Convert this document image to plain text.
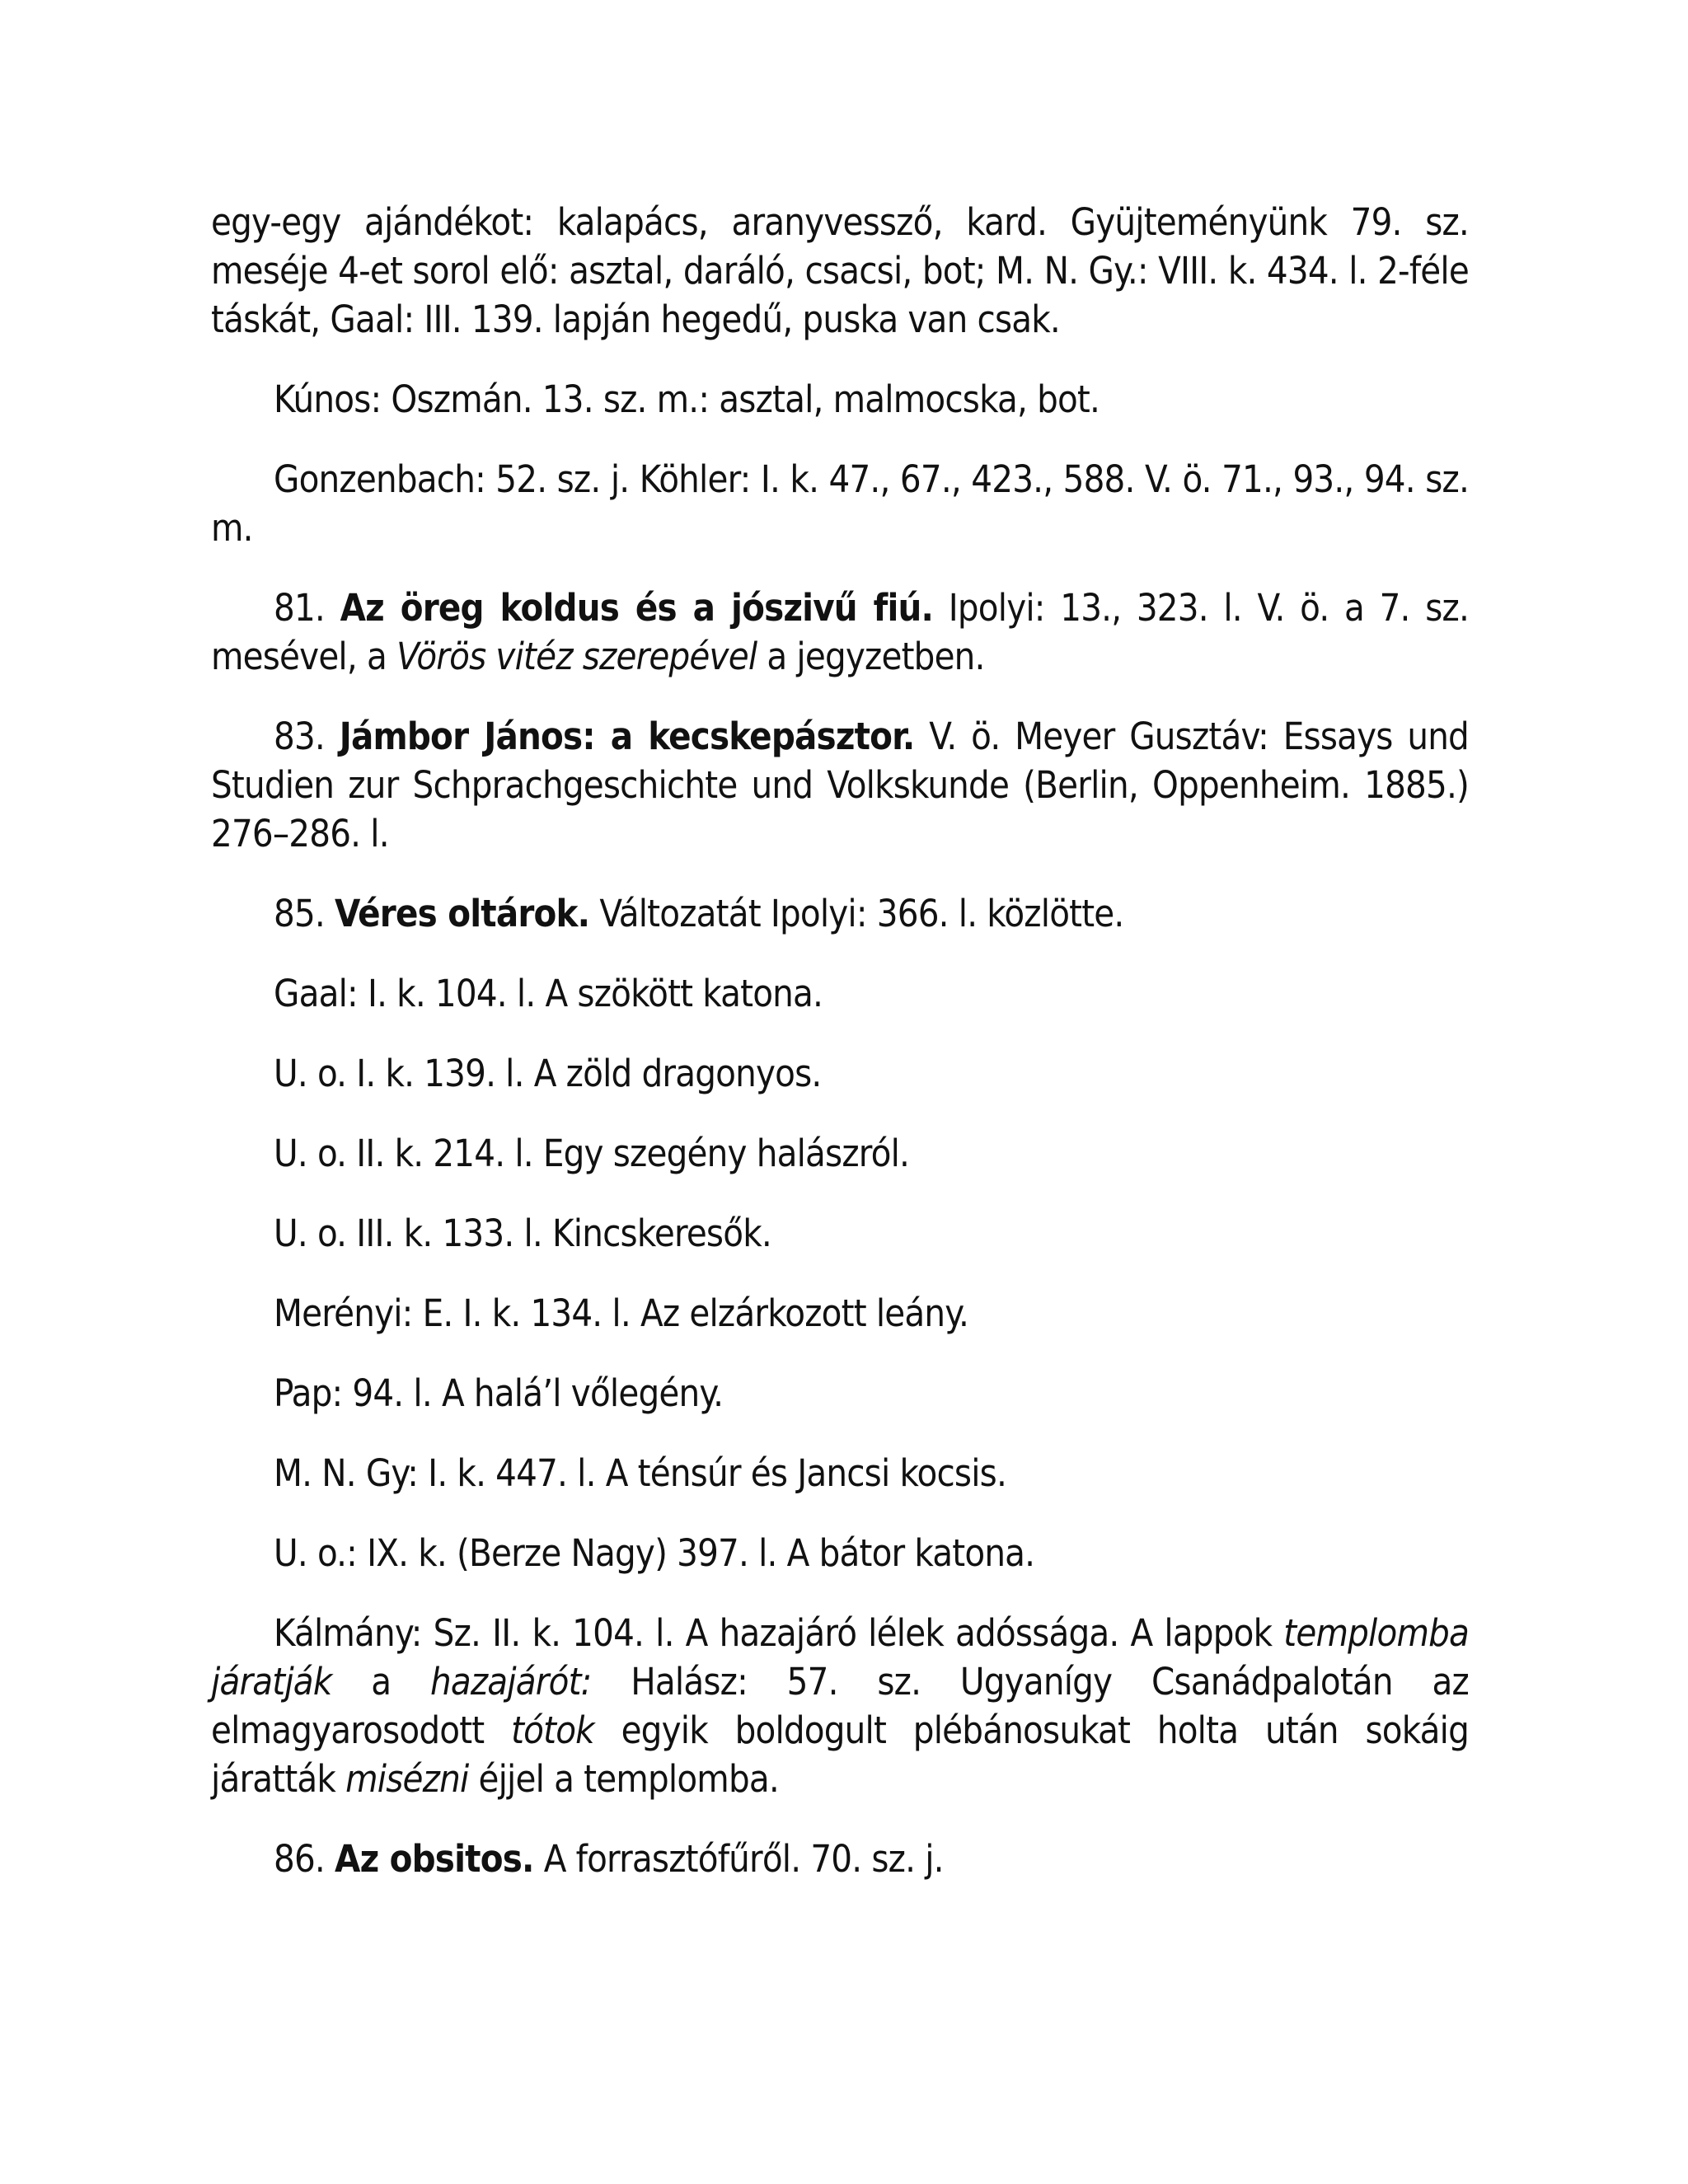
egy-egy ajándékot: kalapács, aranyvessző, kard. Gyüjteményünk 79. sz. meséje 4-et sorol elő: asztal, daráló, csacsi, bot; M. N. Gy.: VIII. k. 434. l. 2-féle táskát, Gaal: III. 139. lapján hegedű, puska van csak.

Kúnos: Oszmán. 13. sz. m.: asztal, malmocska, bot.

Gonzenbach: 52. sz. j. Köhler: I. k. 47., 67., 423., 588. V. ö. 71., 93., 94. sz. m.

81. Az öreg koldus és a jószivű fiú. Ipolyi: 13., 323. l. V. ö. a 7. sz. mesével, a Vörös vitéz szerepével a jegyzetben.

83. Jámbor János: a kecskepásztor. V. ö. Meyer Gusztáv: Essays und Studien zur Schprachgeschichte und Volkskunde (Berlin, Oppenheim. 1885.) 276–286. l.

85. Véres oltárok. Változatát Ipolyi: 366. l. közlötte.

Gaal: I. k. 104. l. A szökött katona.

U. o. I. k. 139. l. A zöld dragonyos.

U. o. II. k. 214. l. Egy szegény halászról.

U. o. III. k. 133. l. Kincskeresők.

Merényi: E. I. k. 134. l. Az elzárkozott leány.

Pap: 94. l. A halá’l vőlegény.

M. N. Gy: I. k. 447. l. A ténsúr és Jancsi kocsis.

U. o.: IX. k. (Berze Nagy) 397. l. A bátor katona.

Kálmány: Sz. II. k. 104. l. A hazajáró lélek adóssága. A lappok templomba járatják a hazajárót: Halász: 57. sz. Ugyanígy Csanádpalotán az elmagyarosodott tótok egyik boldogult plébánosukat holta után sokáig járatták misézni éjjel a templomba.

86. Az obsitos. A forrasztófűről. 70. sz. j.
